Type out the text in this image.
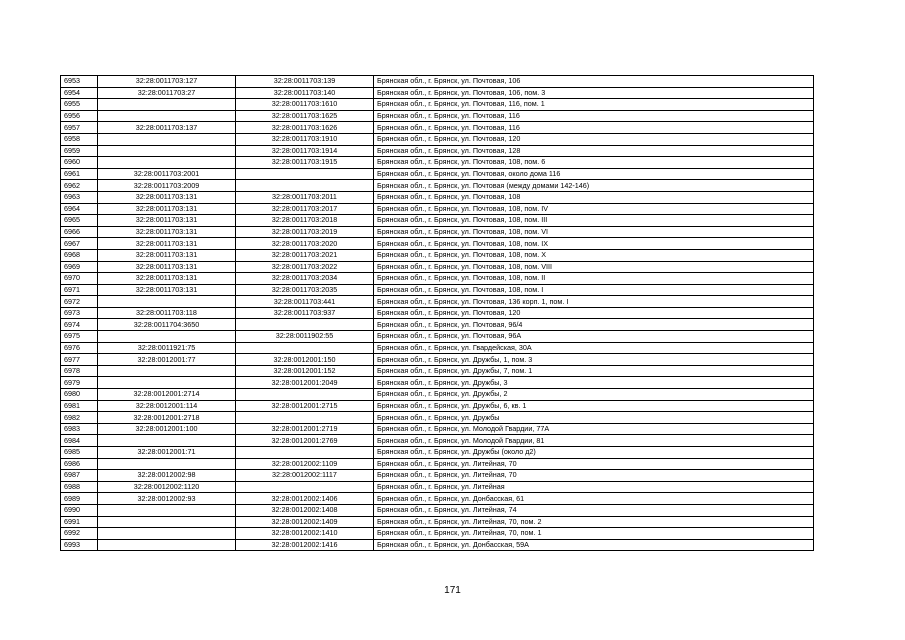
6953	32:28:0011703:127	32:28:0011703:139	Брянская обл., г. Брянск, ул. Почтовая, 106
6954	32:28:0011703:27	32:28:0011703:140	Брянская обл., г. Брянск, ул. Почтовая, 106, пом. 3
6955		32:28:0011703:1610	Брянская обл., г. Брянск, ул. Почтовая, 116, пом. 1
6956		32:28:0011703:1625	Брянская обл., г. Брянск, ул. Почтовая, 116
6957	32:28:0011703:137	32:28:0011703:1626	Брянская обл., г. Брянск, ул. Почтовая, 116
6958		32:28:0011703:1910	Брянская обл., г. Брянск, ул. Почтовая, 120
6959		32:28:0011703:1914	Брянская обл., г. Брянск, ул. Почтовая, 128
6960		32:28:0011703:1915	Брянская обл., г. Брянск, ул. Почтовая, 108, пом. 6
6961	32:28:0011703:2001		Брянская обл., г. Брянск, ул. Почтовая, около дома 116
6962	32:28:0011703:2009		Брянская обл., г. Брянск, ул. Почтовая (между домами 142-146)
6963	32:28:0011703:131	32:28:0011703:2011	Брянская обл., г. Брянск, ул. Почтовая, 108
6964	32:28:0011703:131	32:28:0011703:2017	Брянская обл., г. Брянск, ул. Почтовая, 108, пом. IV
6965	32:28:0011703:131	32:28:0011703:2018	Брянская обл., г. Брянск, ул. Почтовая, 108, пом. III
6966	32:28:0011703:131	32:28:0011703:2019	Брянская обл., г. Брянск, ул. Почтовая, 108, пом. VI
6967	32:28:0011703:131	32:28:0011703:2020	Брянская обл., г. Брянск, ул. Почтовая, 108, пом. IX
6968	32:28:0011703:131	32:28:0011703:2021	Брянская обл., г. Брянск, ул. Почтовая, 108, пом. X
6969	32:28:0011703:131	32:28:0011703:2022	Брянская обл., г. Брянск, ул. Почтовая, 108, пом. VIII
6970	32:28:0011703:131	32:28:0011703:2034	Брянская обл., г. Брянск, ул. Почтовая, 108, пом. II
6971	32:28:0011703:131	32:28:0011703:2035	Брянская обл., г. Брянск, ул. Почтовая, 108, пом. I
6972		32:28:0011703:441	Брянская обл., г. Брянск, ул. Почтовая, 136 корп. 1, пом. I
6973	32:28:0011703:118	32:28:0011703:937	Брянская обл., г. Брянск, ул. Почтовая, 120
6974	32:28:0011704:3650		Брянская обл., г. Брянск, ул. Почтовая, 96/4
6975		32:28:0011902:55	Брянская обл., г. Брянск, ул. Почтовая, 96А
6976	32:28:0011921:75		Брянская обл., г. Брянск, ул. Гвардейская, 30А
6977	32:28:0012001:77	32:28:0012001:150	Брянская обл., г. Брянск, ул. Дружбы, 1, пом. 3
6978		32:28:0012001:152	Брянская обл., г. Брянск, ул. Дружбы, 7, пом. 1
6979		32:28:0012001:2049	Брянская обл., г. Брянск, ул. Дружбы, 3
6980	32:28:0012001:2714		Брянская обл., г. Брянск, ул. Дружбы, 2
6981	32:28:0012001:114	32:28:0012001:2715	Брянская обл., г. Брянск, ул. Дружбы, 6, кв. 1
6982	32:28:0012001:2718		Брянская обл., г. Брянск, ул. Дружбы
6983	32:28:0012001:100	32:28:0012001:2719	Брянская обл., г. Брянск, ул. Молодой Гвардии, 77А
6984		32:28:0012001:2769	Брянская обл., г. Брянск, ул. Молодой Гвардии, 81
6985	32:28:0012001:71		Брянская обл., г. Брянск, ул. Дружбы (около д2)
6986		32:28:0012002:1109	Брянская обл., г. Брянск, ул. Литейная, 70
6987	32:28:0012002:98	32:28:0012002:1117	Брянская обл., г. Брянск, ул. Литейная, 70
6988	32:28:0012002:1120		Брянская обл., г. Брянск, ул. Литейная
6989	32:28:0012002:93	32:28:0012002:1406	Брянская обл., г. Брянск, ул. Донбасская, 61
6990		32:28:0012002:1408	Брянская обл., г. Брянск, ул. Литейная, 74
6991		32:28:0012002:1409	Брянская обл., г. Брянск, ул. Литейная, 70, пом. 2
6992		32:28:0012002:1410	Брянская обл., г. Брянск, ул. Литейная, 70, пом. 1
6993		32:28:0012002:1416	Брянская обл., г. Брянск, ул. Донбасская, 59А
171
